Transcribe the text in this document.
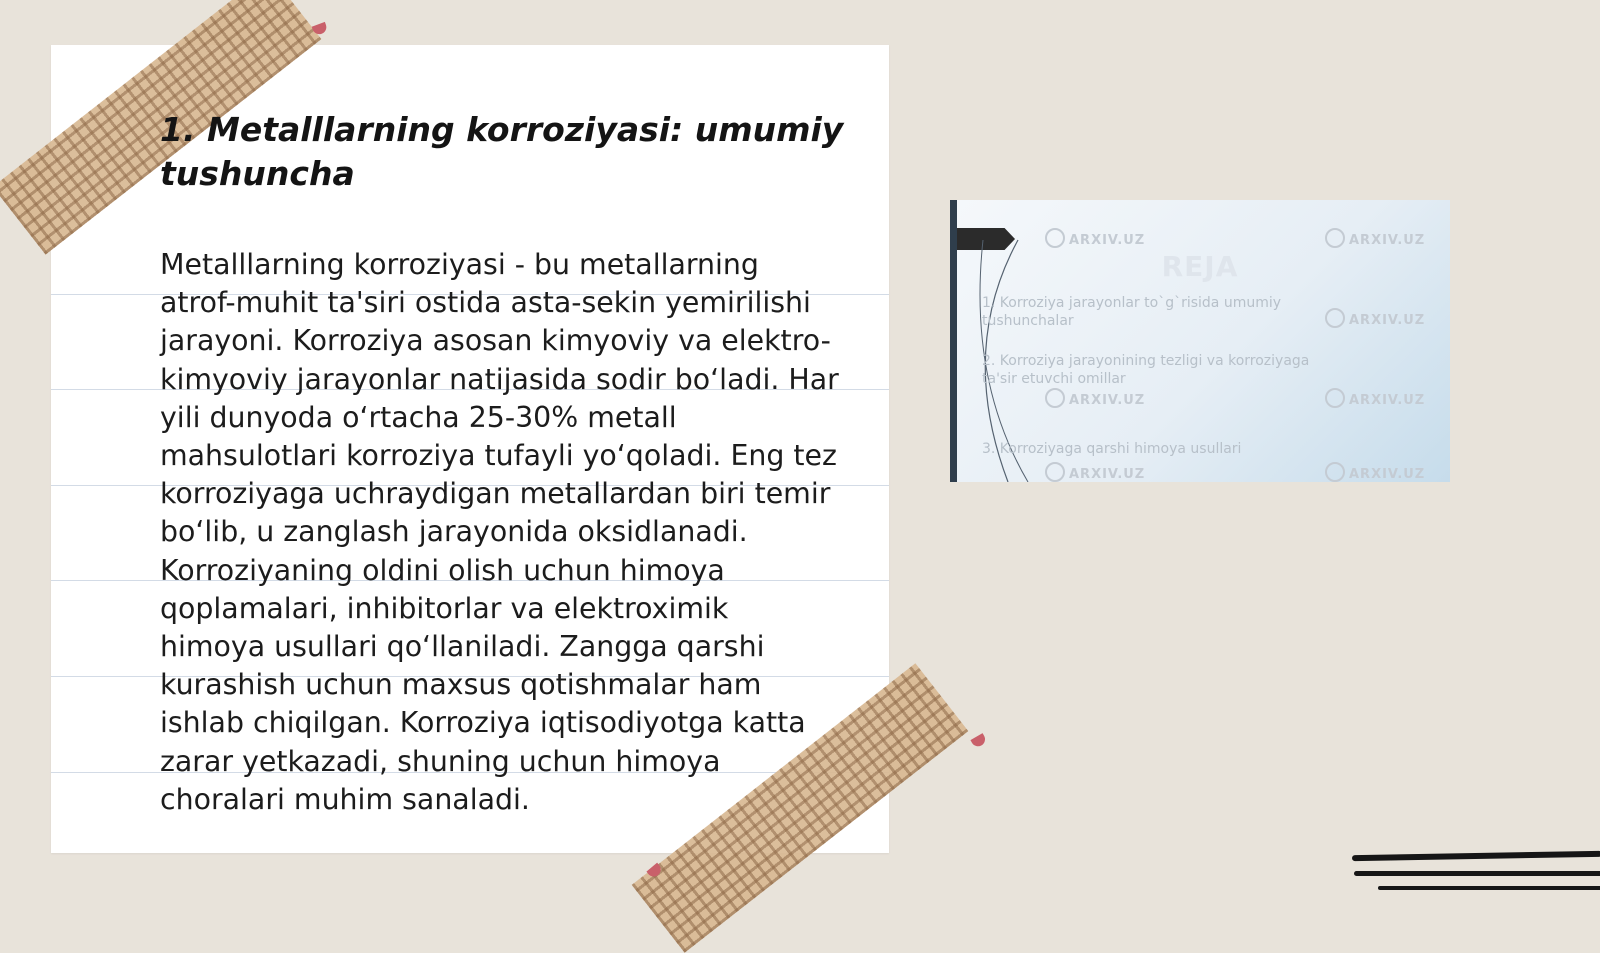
1. Metalllarning korroziyasi: umumiy tushuncha

Metalllarning korroziyasi - bu metallarning atrof-muhit ta'siri ostida asta-sekin yemirilishi jarayoni. Korroziya asosan kimyoviy va elektro-kimyoviy jarayonlar natijasida sodir bo‘ladi. Har yili dunyoda o‘rtacha 25-30% metall mahsulotlari korroziya tufayli yo‘qoladi. Eng tez korroziyaga uchraydigan metallardan biri temir bo‘lib, u zanglash jarayonida oksidlanadi. Korroziyaning oldini olish uchun himoya qoplamalari, inhibitorlar va elektroximik himoya usullari qo‘llaniladi. Zangga qarshi kurashish uchun maxsus qotishmalar ham ishlab chiqilgan. Korroziya iqtisodiyotga katta zarar yetkazadi, shuning uchun himoya choralari muhim sanaladi.

ARXIV.UZ	ARXIV.UZ
ARXIV.UZ
ARXIV.UZ
ARXIV.UZ
ARXIV.UZ	ARXIV.UZ
REJA
1. Korroziya jarayonlar to`g`risida umumiy tushunchalar
2. Korroziya jarayonining tezligi va korroziyaga ta'sir etuvchi omillar
3. Korroziyaga qarshi himoya usullari
